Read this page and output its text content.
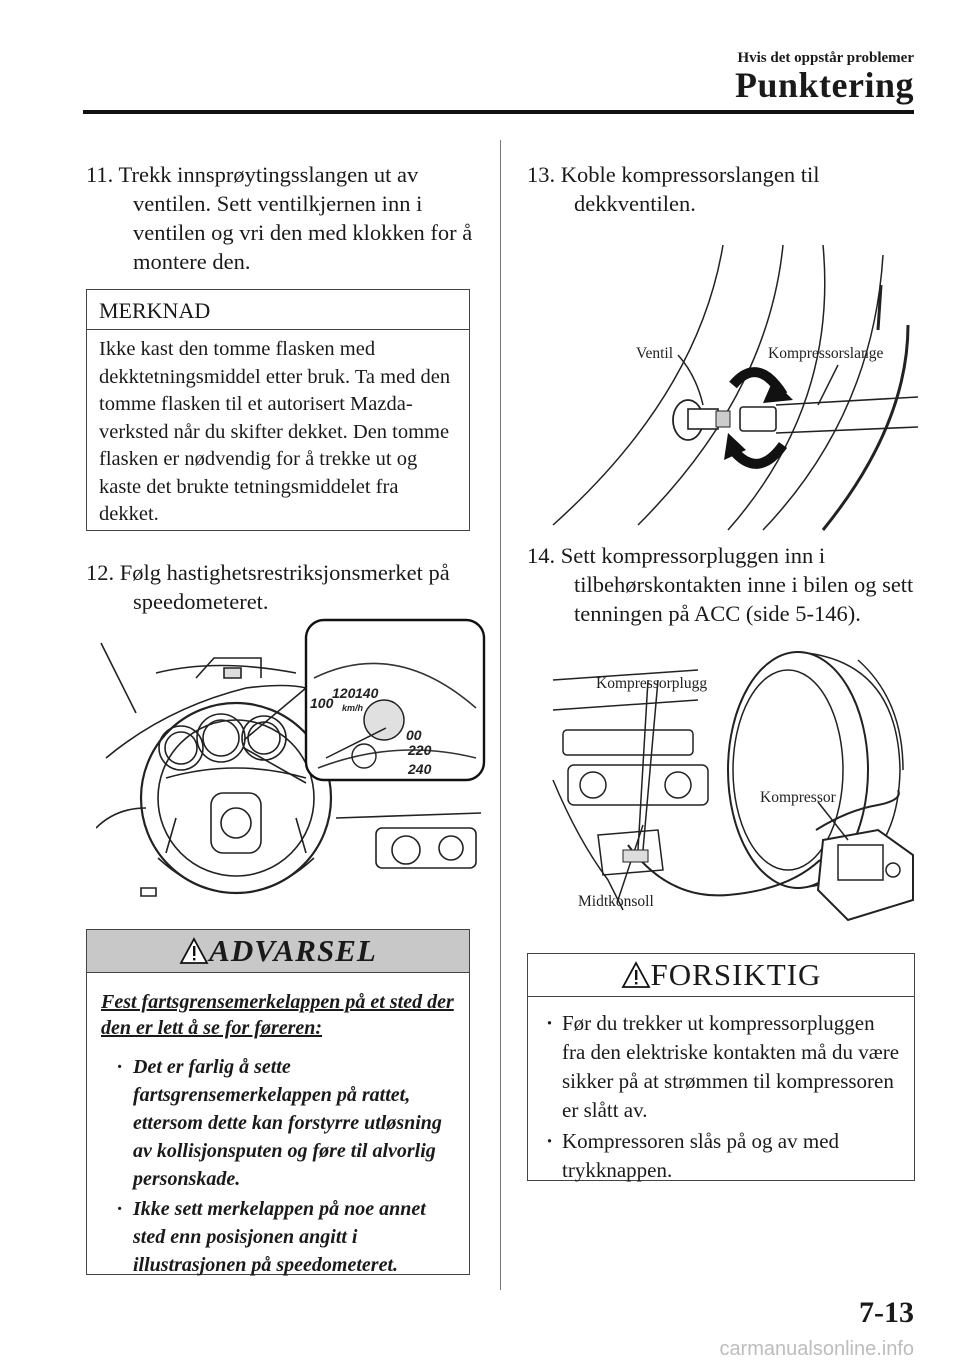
Hvis det oppstår problemer
Punktering
11. Trekk innsprøytingsslangen ut av ventilen. Sett ventilkjernen inn i ventilen og vri den med klokken for å montere den.
MERKNAD
Ikke kast den tomme flasken med dekktetningsmiddel etter bruk. Ta med den tomme flasken til et autorisert Mazda-verksted når du skifter dekket. Den tomme flasken er nødvendig for å trekke ut og kaste det brukte tetningsmiddelet fra dekket.
12. Følg hastighetsrestriksjonsmerket på speedometeret.
100
120 140
km/h
00
220
240
ADVARSEL
Fest fartsgrensemerkelappen på et sted der den er lett å se for føreren:
· Det er farlig å sette fartsgrensemerkelappen på rattet, ettersom dette kan forstyrre utløsning av kollisjonsputen og føre til alvorlig personskade.
· Ikke sett merkelappen på noe annet sted enn posisjonen angitt i illustrasjonen på speedometeret.
13. Koble kompressorslangen til dekkventilen.
Ventil	Kompressorslange
14. Sett kompressorpluggen inn i tilbehørskontakten inne i bilen og sett tenningen på ACC (side 5-146).
Kompressorplugg
Kompressor
Midtkonsoll
FORSIKTIG
· Før du trekker ut kompressorpluggen fra den elektriske kontakten må du være sikker på at strømmen til kompressoren er slått av.
· Kompressoren slås på og av med trykknappen.
7-13
carmanualsonline.info
